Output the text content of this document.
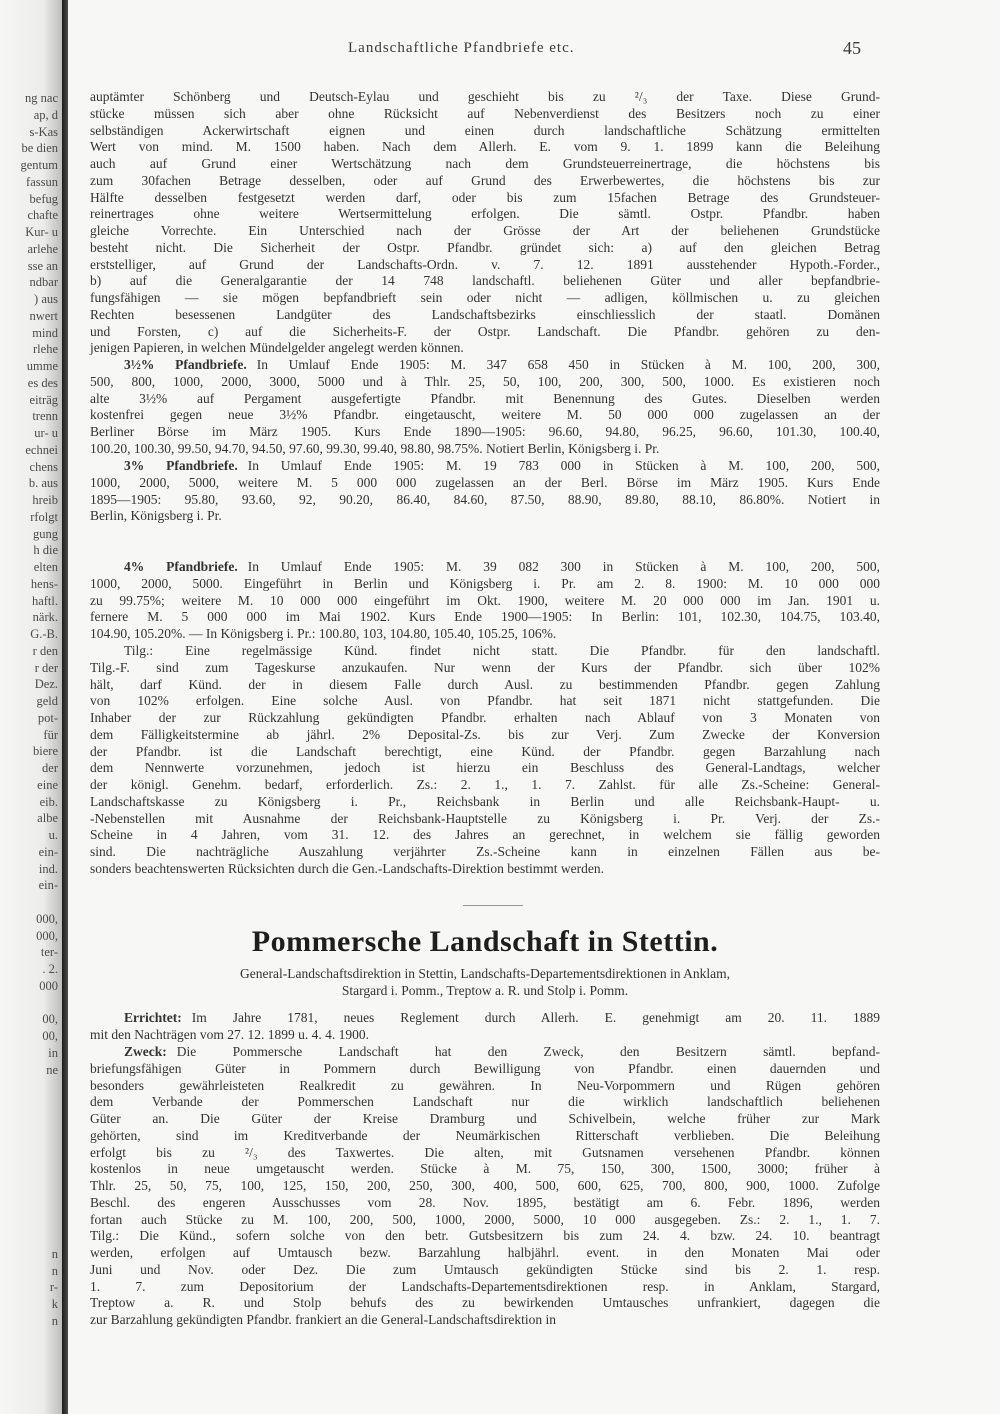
ng nac
ap, d
s-Kas
be dien
gentum
fassun
befug
chafte
Kur- u
arlehe
sse an
ndbar
) aus
nwert
mind
rlehe
umme
es des
eiträg
trenn
ur- u
echnei
chens
b. aus
hreib
rfolgt
gung
h die
elten
hens-
haftl.
närk.
G.-B.
r den
r der
Dez.
geld
pot-
für
biere
der
eine
eib.
albe
u.
ein-
ind.
ein-

000,
000,
ter-
. 2.
000

00,
00,
in
ne

n
n
r-
k
n

Landschaftliche Pfandbriefe etc.	45
auptämter Schönberg und Deutsch-Eylau und geschieht bis zu ²/₃ der Taxe. Diese Grund-
stücke müssen sich aber ohne Rücksicht auf Nebenverdienst des Besitzers noch zu einer
selbständigen Ackerwirtschaft eignen und einen durch landschaftliche Schätzung ermittelten
Wert von mind. M. 1500 haben. Nach dem Allerh. E. vom 9. 1. 1899 kann die Beleihung
auch auf Grund einer Wertschätzung nach dem Grundsteuerreinertrage, die höchstens bis
zum 30fachen Betrage desselben, oder auf Grund des Erwerbewertes, die höchstens bis zur
Hälfte desselben festgesetzt werden darf, oder bis zum 15fachen Betrage des Grundsteuer-
reinertrages ohne weitere Wertsermittelung erfolgen. Die sämtl. Ostpr. Pfandbr. haben
gleiche Vorrechte. Ein Unterschied nach der Grösse der Art der beliehenen Grundstücke
besteht nicht. Die Sicherheit der Ostpr. Pfandbr. gründet sich: a) auf den gleichen Betrag
erststelliger, auf Grund der Landschafts-Ordn. v. 7. 12. 1891 ausstehender Hypoth.-Forder.,
b) auf die Generalgarantie der 14 748 landschaftl. beliehenen Güter und aller bepfandbrie-
fungsfähigen — sie mögen bepfandbrieft sein oder nicht — adligen, köllmischen u. zu gleichen
Rechten besessenen Landgüter des Landschaftsbezirks einschliesslich der staatl. Domänen
und Forsten, c) auf die Sicherheits-F. der Ostpr. Landschaft. Die Pfandbr. gehören zu den-
jenigen Papieren, in welchen Mündelgelder angelegt werden können.
3½% Pfandbriefe. In Umlauf Ende 1905: M. 347 658 450 in Stücken à M. 100, 200, 300,
500, 800, 1000, 2000, 3000, 5000 und à Thlr. 25, 50, 100, 200, 300, 500, 1000. Es existieren noch
alte 3½% auf Pergament ausgefertigte Pfandbr. mit Benennung des Gutes. Dieselben werden
kostenfrei gegen neue 3½% Pfandbr. eingetauscht, weitere M. 50 000 000 zugelassen an der
Berliner Börse im März 1905. Kurs Ende 1890—1905: 96.60, 94.80, 96.25, 96.60, 101.30, 100.40,
100.20, 100.30, 99.50, 94.70, 94.50, 97.60, 99.30, 99.40, 98.80, 98.75%. Notiert Berlin, Königsberg i. Pr.
3% Pfandbriefe. In Umlauf Ende 1905: M. 19 783 000 in Stücken à M. 100, 200, 500,
1000, 2000, 5000, weitere M. 5 000 000 zugelassen an der Berl. Börse im März 1905. Kurs Ende
1895—1905: 95.80, 93.60, 92, 90.20, 86.40, 84.60, 87.50, 88.90, 89.80, 88.10, 86.80%. Notiert in
Berlin, Königsberg i. Pr.
4% Pfandbriefe. In Umlauf Ende 1905: M. 39 082 300 in Stücken à M. 100, 200, 500,
1000, 2000, 5000. Eingeführt in Berlin und Königsberg i. Pr. am 2. 8. 1900: M. 10 000 000
zu 99.75%; weitere M. 10 000 000 eingeführt im Okt. 1900, weitere M. 20 000 000 im Jan. 1901 u.
fernere M. 5 000 000 im Mai 1902. Kurs Ende 1900—1905: In Berlin: 101, 102.30, 104.75, 103.40,
104.90, 105.20%. — In Königsberg i. Pr.: 100.80, 103, 104.80, 105.40, 105.25, 106%.
Tilg.: Eine regelmässige Künd. findet nicht statt. Die Pfandbr. für den landschaftl.
Tilg.-F. sind zum Tageskurse anzukaufen. Nur wenn der Kurs der Pfandbr. sich über 102%
hält, darf Künd. der in diesem Falle durch Ausl. zu bestimmenden Pfandbr. gegen Zahlung
von 102% erfolgen. Eine solche Ausl. von Pfandbr. hat seit 1871 nicht stattgefunden. Die
Inhaber der zur Rückzahlung gekündigten Pfandbr. erhalten nach Ablauf von 3 Monaten von
dem Fälligkeitstermine ab jährl. 2% Deposital-Zs. bis zur Verj. Zum Zwecke der Konversion
der Pfandbr. ist die Landschaft berechtigt, eine Künd. der Pfandbr. gegen Barzahlung nach
dem Nennwerte vorzunehmen, jedoch ist hierzu ein Beschluss des General-Landtags, welcher
der königl. Genehm. bedarf, erforderlich. Zs.: 2. 1., 1. 7. Zahlst. für alle Zs.-Scheine: General-
Landschaftskasse zu Königsberg i. Pr., Reichsbank in Berlin und alle Reichsbank-Haupt- u.
-Nebenstellen mit Ausnahme der Reichsbank-Hauptstelle zu Königsberg i. Pr. Verj. der Zs.-
Scheine in 4 Jahren, vom 31. 12. des Jahres an gerechnet, in welchem sie fällig geworden
sind. Die nachträgliche Auszahlung verjährter Zs.-Scheine kann in einzelnen Fällen aus be-
sonders beachtenswerten Rücksichten durch die Gen.-Landschafts-Direktion bestimmt werden.
Pommersche Landschaft in Stettin.
General-Landschaftsdirektion in Stettin, Landschafts-Departementsdirektionen in Anklam,
Stargard i. Pomm., Treptow a. R. und Stolp i. Pomm.
Errichtet: Im Jahre 1781, neues Reglement durch Allerh. E. genehmigt am 20. 11. 1889
mit den Nachträgen vom 27. 12. 1899 u. 4. 4. 1900.
Zweck: Die Pommersche Landschaft hat den Zweck, den Besitzern sämtl. bepfand-
briefungsfähigen Güter in Pommern durch Bewilligung von Pfandbr. einen dauernden und
besonders gewährleisteten Realkredit zu gewähren. In Neu-Vorpommern und Rügen gehören
dem Verbande der Pommerschen Landschaft nur die wirklich landschaftlich beliehenen
Güter an. Die Güter der Kreise Dramburg und Schivelbein, welche früher zur Mark
gehörten, sind im Kreditverbande der Neumärkischen Ritterschaft verblieben. Die Beleihung
erfolgt bis zu ²/₃ des Taxwertes. Die alten, mit Gutsnamen versehenen Pfandbr. können
kostenlos in neue umgetauscht werden. Stücke à M. 75, 150, 300, 1500, 3000; früher à
Thlr. 25, 50, 75, 100, 125, 150, 200, 250, 300, 400, 500, 600, 625, 700, 800, 900, 1000. Zufolge
Beschl. des engeren Ausschusses vom 28. Nov. 1895, bestätigt am 6. Febr. 1896, werden
fortan auch Stücke zu M. 100, 200, 500, 1000, 2000, 5000, 10 000 ausgegeben. Zs.: 2. 1., 1. 7.
Tilg.: Die Künd., sofern solche von den betr. Gutsbesitzern bis zum 24. 4. bzw. 24. 10. beantragt
werden, erfolgen auf Umtausch bezw. Barzahlung halbjährl. event. in den Monaten Mai oder
Juni und Nov. oder Dez. Die zum Umtausch gekündigten Stücke sind bis 2. 1. resp.
1. 7. zum Depositorium der Landschafts-Departementsdirektionen resp. in Anklam, Stargard,
Treptow a. R. und Stolp behufs des zu bewirkenden Umtausches unfrankiert, dagegen die
zur Barzahlung gekündigten Pfandbr. frankiert an die General-Landschaftsdirektion in
